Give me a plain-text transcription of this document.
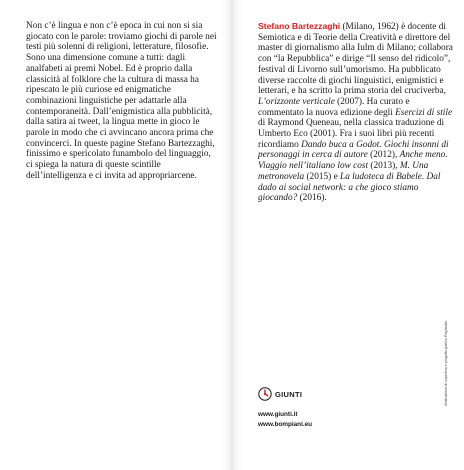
Non c’è lingua e non c’è epoca in cui non si sia giocato con le parole: troviamo giochi di parole nei testi più solenni di religioni, letterature, filosofie. Sono una dimensione comune a tutti: dagli analfabeti ai premi Nobel. Ed è proprio dalla classicità al folklore che la cultura di massa ha ripescato le più curiose ed enigmatiche combinazioni linguistiche per adattarle alla contemporaneità. Dall’enigmistica alla pubblicità, dalla satira ai tweet, la lingua mette in gioco le parole in modo che ci avvincano ancora prima che convincerci. In queste pagine Stefano Bartezzaghi, finissimo e spericolato funambolo del linguaggio, ci spiega la natura di queste scintille dell’intelligenza e ci invita ad appropriarcene.

Stefano Bartezzaghi (Milano, 1962) è docente di Semiotica e di Teorie della Creatività e direttore del master di giornalismo alla Iulm di Milano; collabora con “la Repubblica” e dirige “Il senso del ridicolo”, festival di Livorno sull’umorismo. Ha pubblicato diverse raccolte di giochi linguistici, enigmistici e letterari, e ha scritto la prima storia del cruciverba, L’orizzonte verticale (2007). Ha curato e commentato la nuova edizione degli Esercizi di stile di Raymond Queneau, nella classica traduzione di Umberto Eco (2001). Fra i suoi libri più recenti ricordiamo Dando buca a Godot. Giochi insonni di personaggi in cerca di autore (2012), Anche meno. Viaggio nell’italiano low cost (2013), M. Una metronovela (2015) e La ludoteca di Babele. Dal dado ai social network: a che gioco stiamo giocando? (2016).

GIUNTI
www.giunti.it
www.bompiani.eu
Illustrazione di copertina e progetto grafico Polystudio
